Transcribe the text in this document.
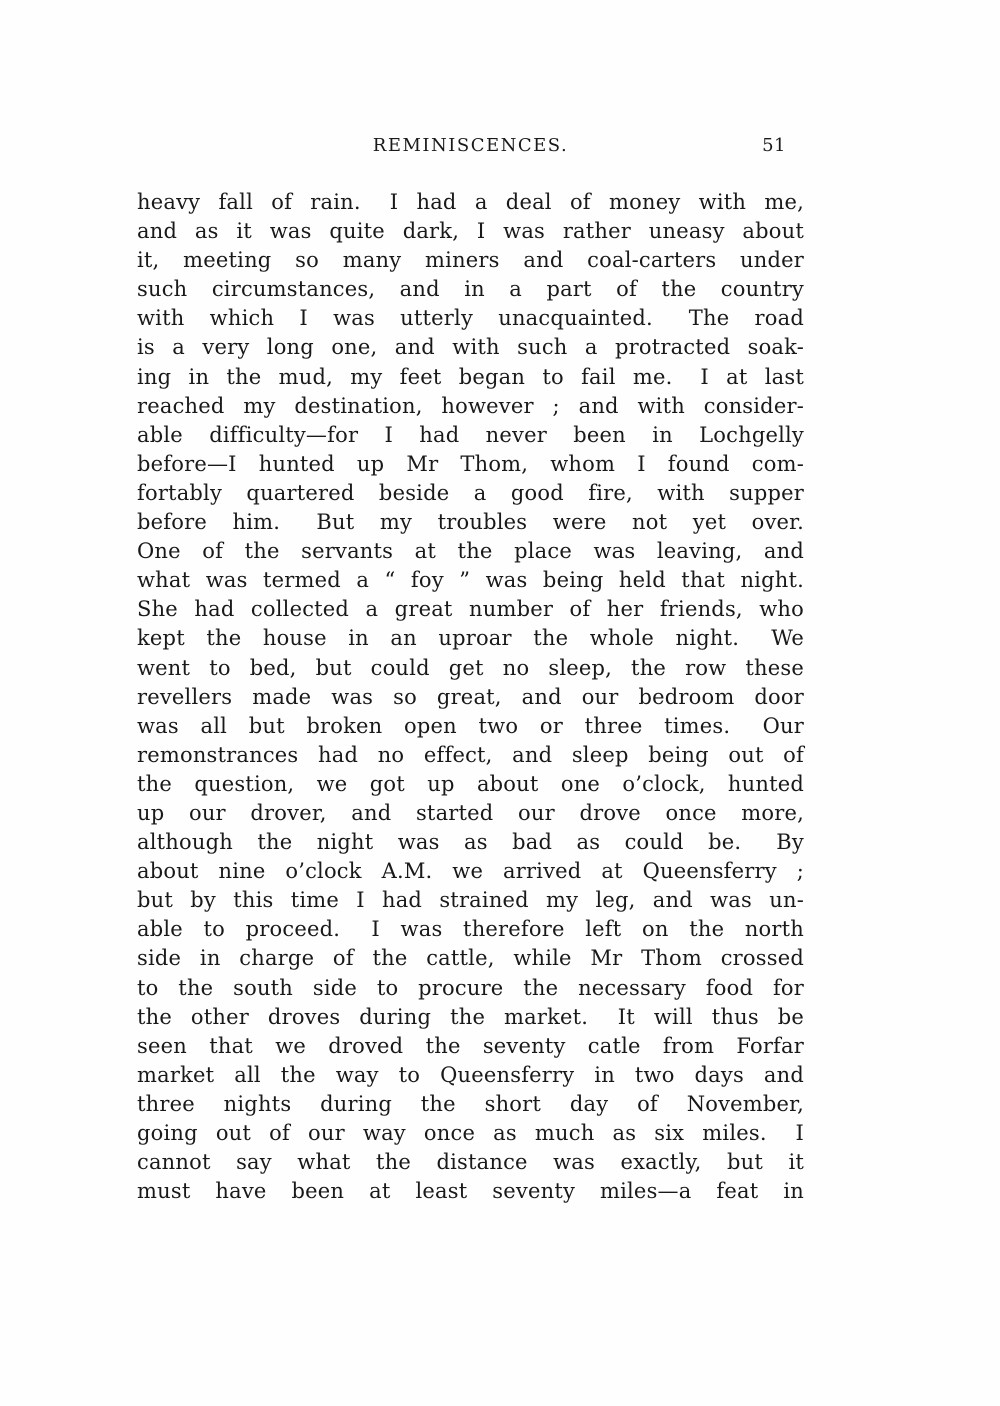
REMINISCENCES.	51
heavy fall of rain.  I had a deal of money with me,
and as it was quite dark, I was rather uneasy about
it, meeting so many miners and coal-carters under
such circumstances, and in a part of the country
with which I was utterly unacquainted.  The road
is a very long one, and with such a protracted soak-
ing in the mud, my feet began to fail me.  I at last
reached my destination, however ; and with consider-
able difficulty—for I had never been in Lochgelly
before—I hunted up Mr Thom, whom I found com-
fortably quartered beside a good fire, with supper
before him.  But my troubles were not yet over.
One of the servants at the place was leaving, and
what was termed a “ foy ” was being held that night.
She had collected a great number of her friends, who
kept the house in an uproar the whole night.  We
went to bed, but could get no sleep, the row these
revellers made was so great, and our bedroom door
was all but broken open two or three times.  Our
remonstrances had no effect, and sleep being out of
the question, we got up about one o’clock, hunted
up our drover, and started our drove once more,
although the night was as bad as could be.  By
about nine o’clock A.M. we arrived at Queensferry ;
but by this time I had strained my leg, and was un-
able to proceed.  I was therefore left on the north
side in charge of the cattle, while Mr Thom crossed
to the south side to procure the necessary food for
the other droves during the market.  It will thus be
seen that we droved the seventy catle from Forfar
market all the way to Queensferry in two days and
three nights during the short day of November,
going out of our way once as much as six miles.  I
cannot say what the distance was exactly, but it
must have been at least seventy miles—a feat in
